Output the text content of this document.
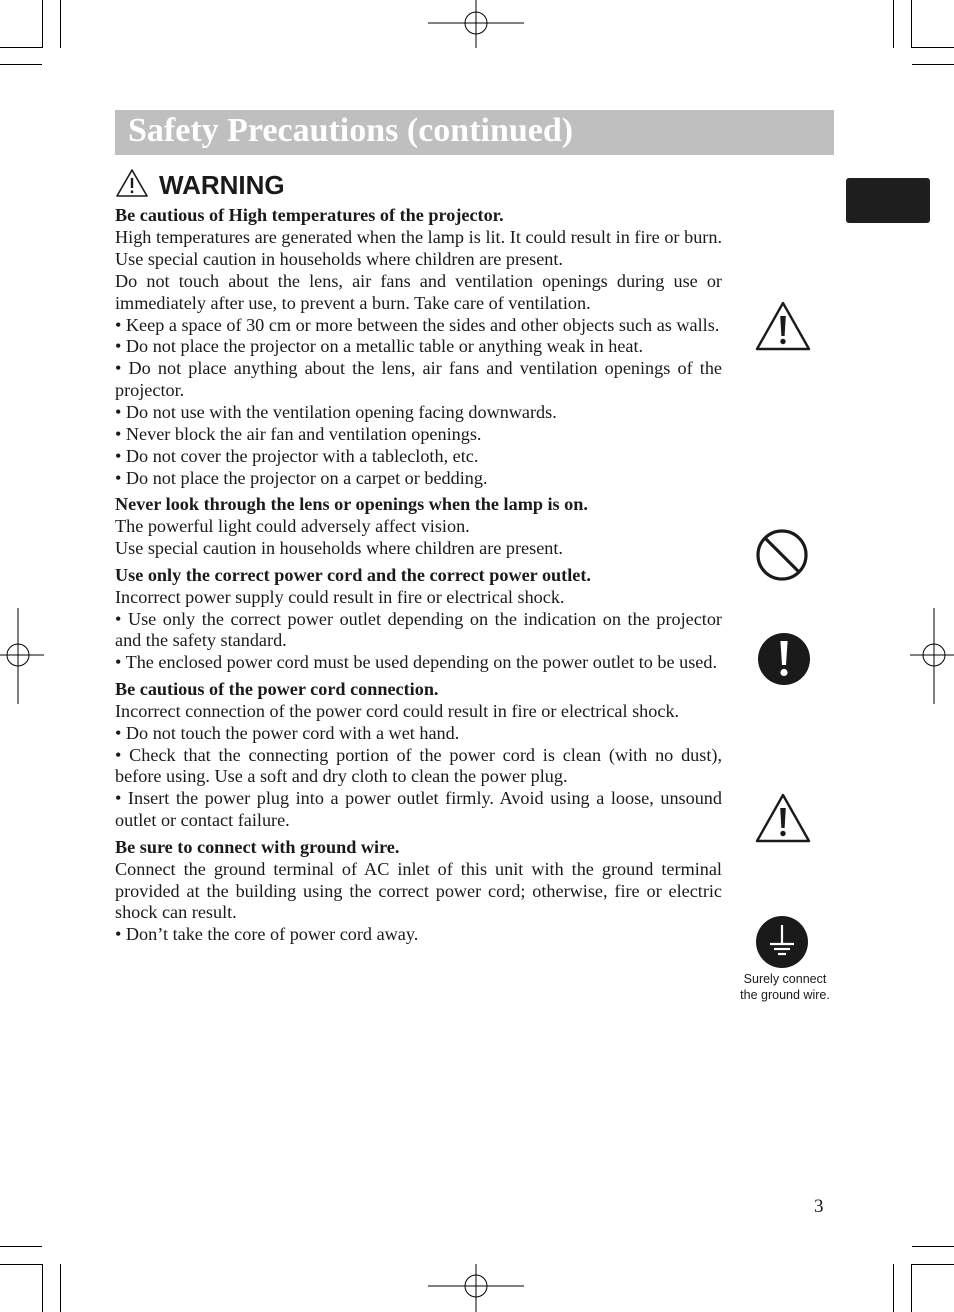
Safety Precautions (continued)
WARNING

Be cautious of High temperatures of the projector.

High temperatures are generated when the lamp is lit. It could result in fire or burn. Use special caution in households where children are present.

Do not touch about the lens, air fans and ventilation openings during use or immediately after use, to prevent a burn. Take care of ventilation.

• Keep a space of 30 cm or more between the sides and other objects such as walls.

• Do not place the projector on a metallic table or anything weak in heat.

• Do not place anything about the lens, air fans and ventilation openings of the projector.

• Do not use with the ventilation opening facing downwards.

• Never block the air fan and ventilation openings.

• Do not cover the projector with a tablecloth, etc.

• Do not place the projector on a carpet or bedding.

Never look through the lens or openings when the lamp is on.

The powerful light could adversely affect vision.

Use special caution in households where children are present.

Use only the correct power cord and the correct power outlet.

Incorrect power supply could result in fire or electrical shock.

• Use only the correct power outlet depending on the indication on the projector and the safety standard.

• The enclosed power cord must be used depending on the power outlet to be used.

Be cautious of the power cord connection.

Incorrect connection of the power cord could result in fire or electrical shock.

• Do not touch the power cord with a wet hand.

• Check that the connecting portion of the power cord is clean (with no dust), before using. Use a soft and dry cloth to clean the power plug.

• Insert the power plug into a power outlet firmly. Avoid using a loose, unsound outlet or contact failure.

Be sure to connect with ground wire.

Connect the ground terminal of AC inlet of this unit with the ground terminal provided at the building using the correct power cord; otherwise, fire or electric shock can result.

• Don’t take the core of power cord away.

Surely connect
the ground wire.
3
